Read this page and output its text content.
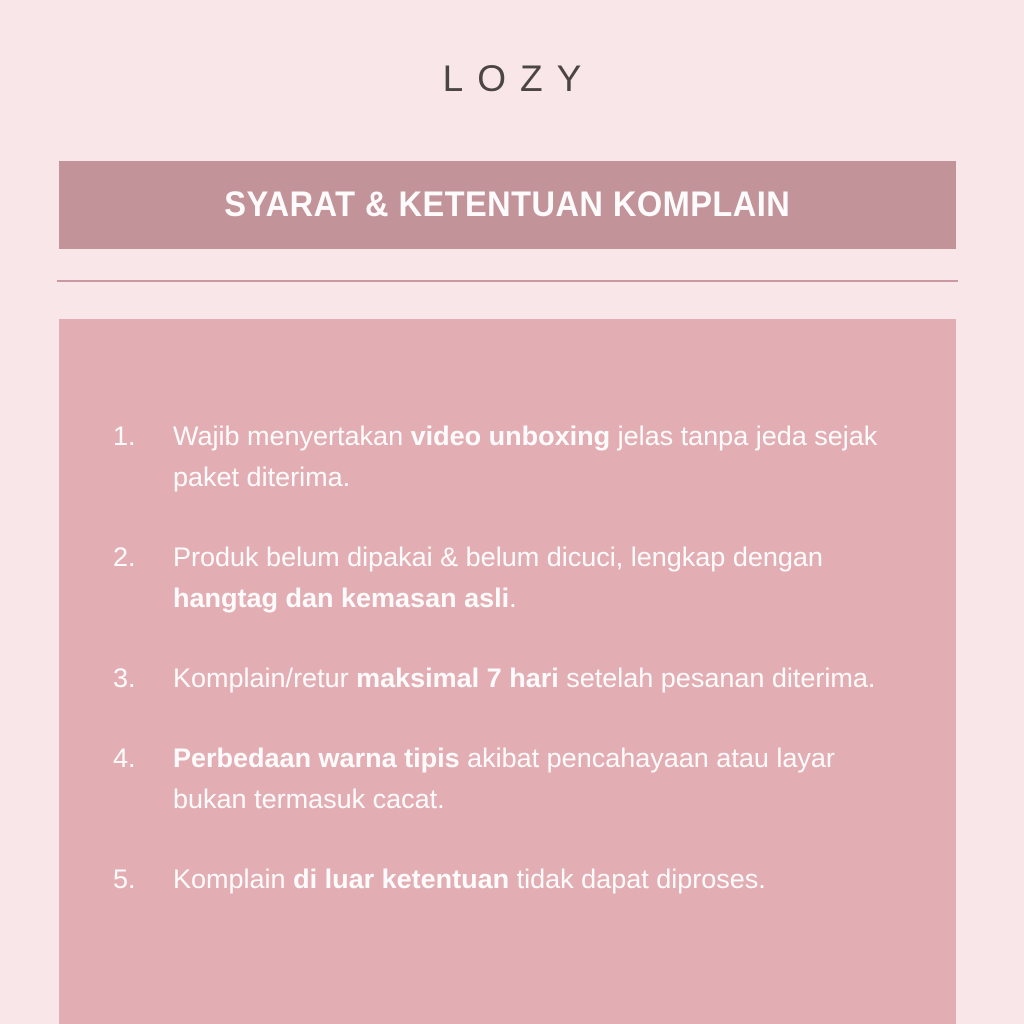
LOZY
SYARAT & KETENTUAN KOMPLAIN
1.	Wajib menyertakan video unboxing jelas tanpa jeda sejak paket diterima.
2.	Produk belum dipakai & belum dicuci, lengkap dengan hangtag dan kemasan asli.
3.	Komplain/retur maksimal 7 hari setelah pesanan diterima.
4.	Perbedaan warna tipis akibat pencahayaan atau layar bukan termasuk cacat.
5.	Komplain di luar ketentuan tidak dapat diproses.
